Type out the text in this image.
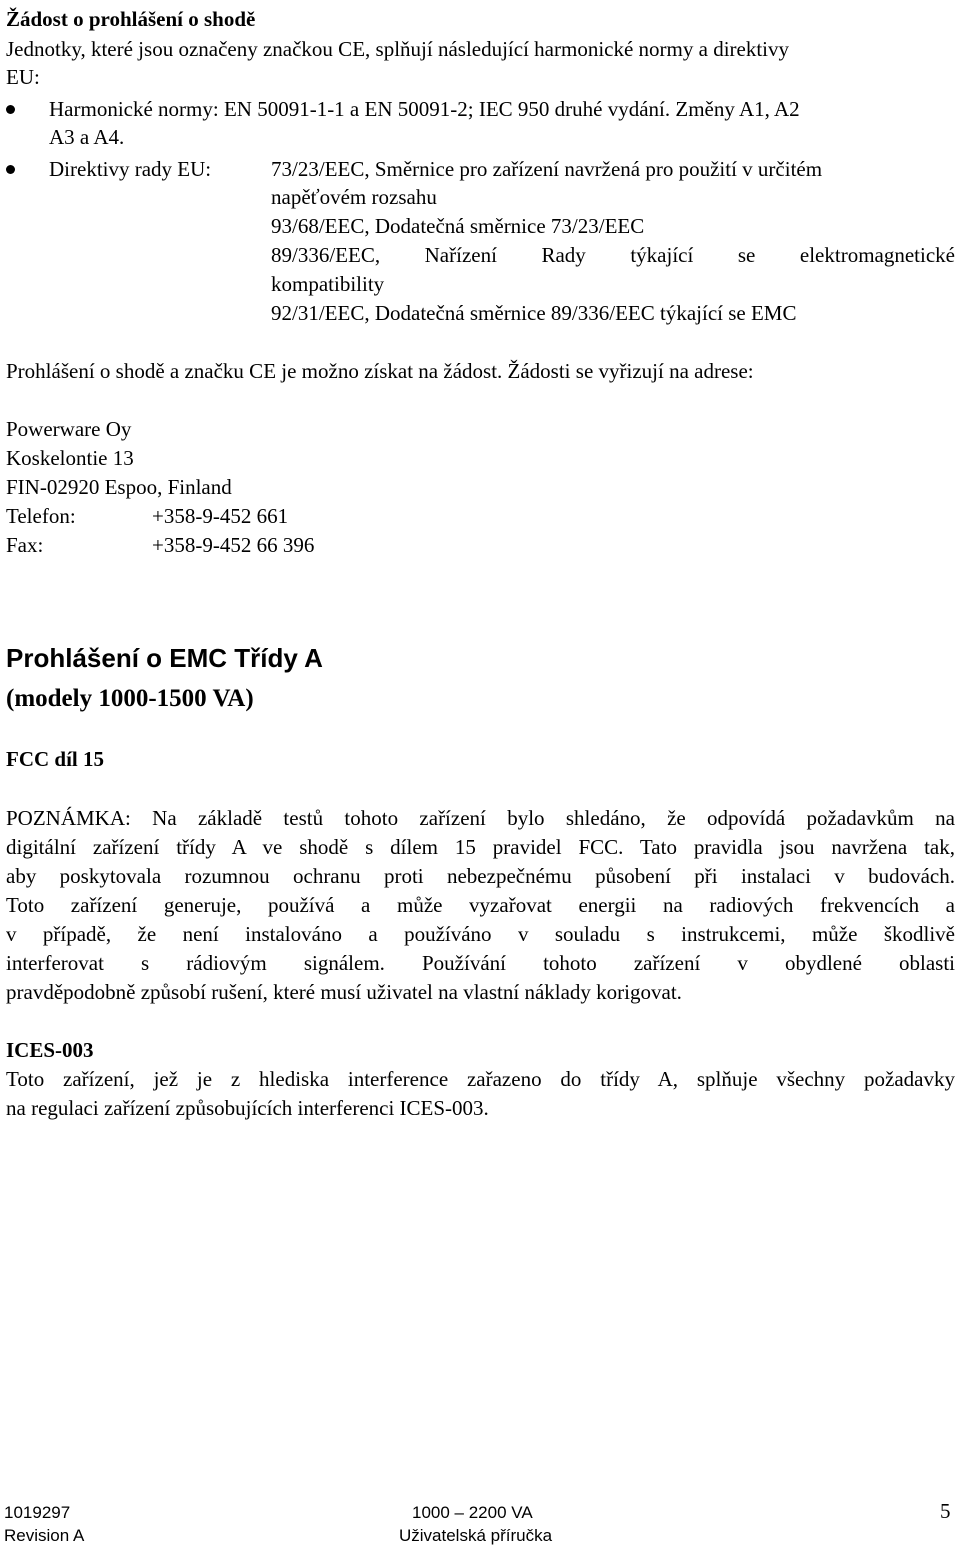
Žádost o prohlášení o shodě
Jednotky, které jsou označeny značkou CE, splňují následující harmonické normy a direktivy
EU:
Harmonické normy: EN 50091-1-1 a EN 50091-2; IEC 950 druhé vydání. Změny A1, A2
A3 a A4.
Direktivy rady EU:	73/23/EEC, Směrnice pro zařízení navržená pro použití v určitém
napěťovém rozsahu
93/68/EEC, Dodatečná směrnice 73/23/EEC
89/336/EEC, Nařízení Rady týkající se elektromagnetické
kompatibility
92/31/EEC, Dodatečná směrnice 89/336/EEC týkající se EMC
Prohlášení o shodě a značku CE je možno získat na žádost. Žádosti se vyřizují na adrese:
Powerware Oy
Koskelontie 13
FIN-02920 Espoo, Finland
Telefon:	+358-9-452 661
Fax:	+358-9-452 66 396
Prohlášení o EMC Třídy A
(modely 1000-1500 VA)
FCC díl 15
POZNÁMKA: Na základě testů tohoto zařízení bylo shledáno, že odpovídá požadavkům na
digitální zařízení třídy A ve shodě s dílem 15 pravidel FCC. Tato pravidla jsou navržena tak,
aby poskytovala rozumnou ochranu proti nebezpečnému působení při instalaci v budovách.
Toto zařízení generuje, používá a může vyzařovat energii na radiových frekvencích a
v případě, že není instalováno a používáno v souladu s instrukcemi, může škodlivě
interferovat s rádiovým signálem. Používání tohoto zařízení v obydlené oblasti
pravděpodobně způsobí rušení, které musí uživatel na vlastní náklady korigovat.
ICES-003
Toto zařízení, jež je z hlediska interference zařazeno do třídy A, splňuje všechny požadavky
na regulaci zařízení způsobujících interferenci ICES-003.
1019297
Revision A
1000 – 2200 VA
Uživatelská příručka
5
